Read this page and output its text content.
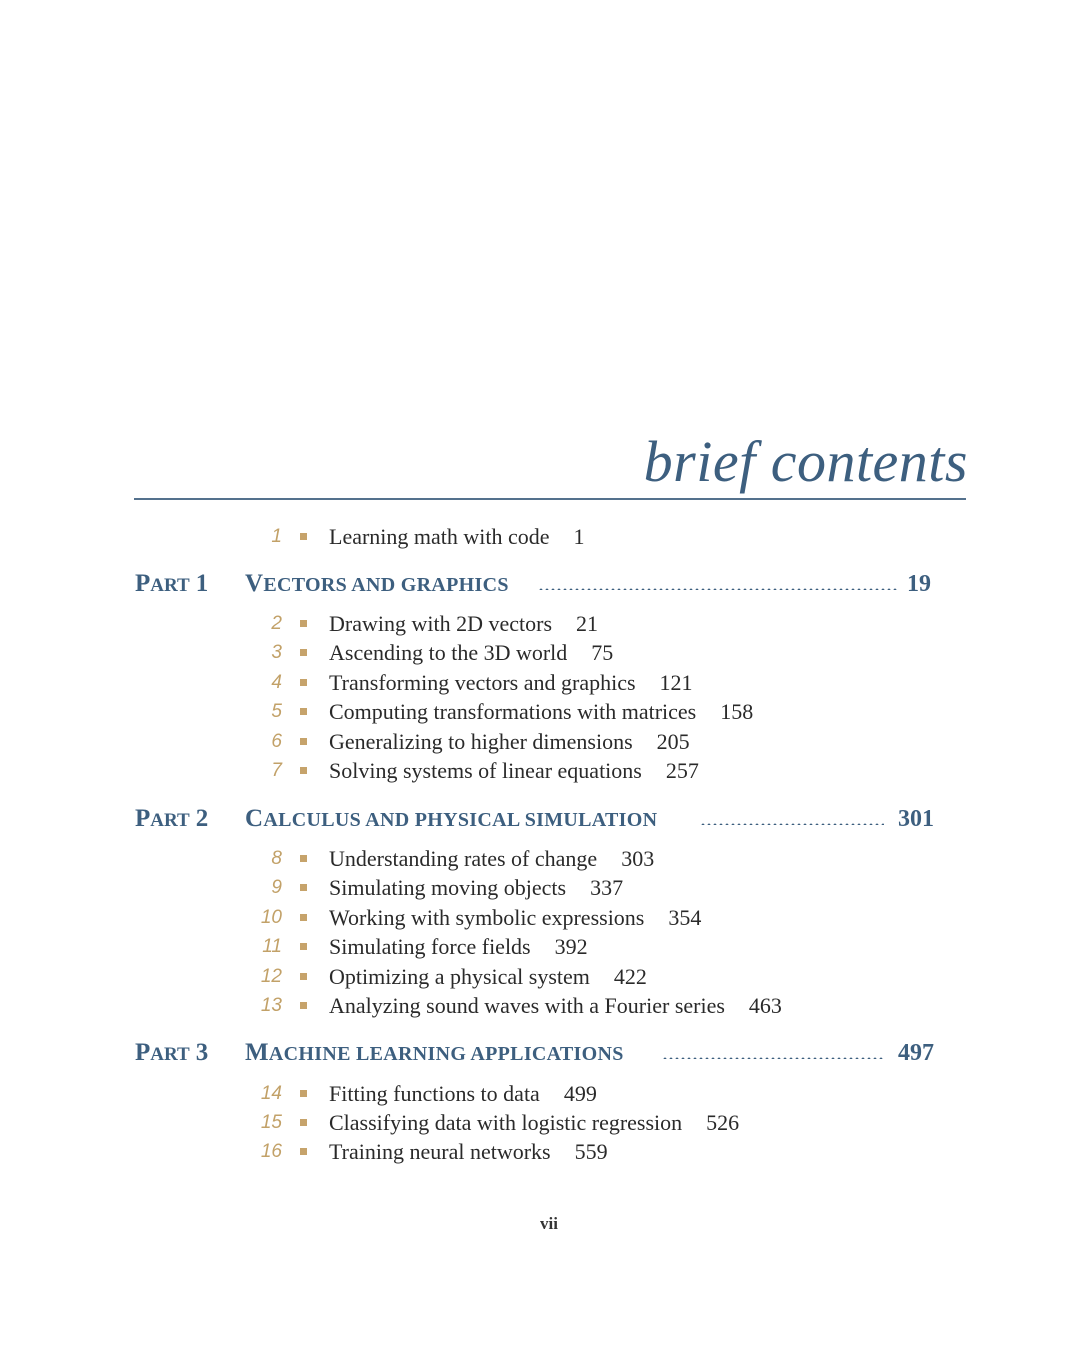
brief contents
1 Learning math with code 1
PART 1 VECTORS AND GRAPHICS	19
2 Drawing with 2D vectors 21
3 Ascending to the 3D world 75
4 Transforming vectors and graphics 121
5 Computing transformations with matrices 158
6 Generalizing to higher dimensions 205
7 Solving systems of linear equations 257
PART 2 CALCULUS AND PHYSICAL SIMULATION	301
8 Understanding rates of change 303
9 Simulating moving objects 337
10 Working with symbolic expressions 354
11 Simulating force fields 392
12 Optimizing a physical system 422
13 Analyzing sound waves with a Fourier series 463
PART 3 MACHINE LEARNING APPLICATIONS	497
14 Fitting functions to data 499
15 Classifying data with logistic regression 526
16 Training neural networks 559
vii
